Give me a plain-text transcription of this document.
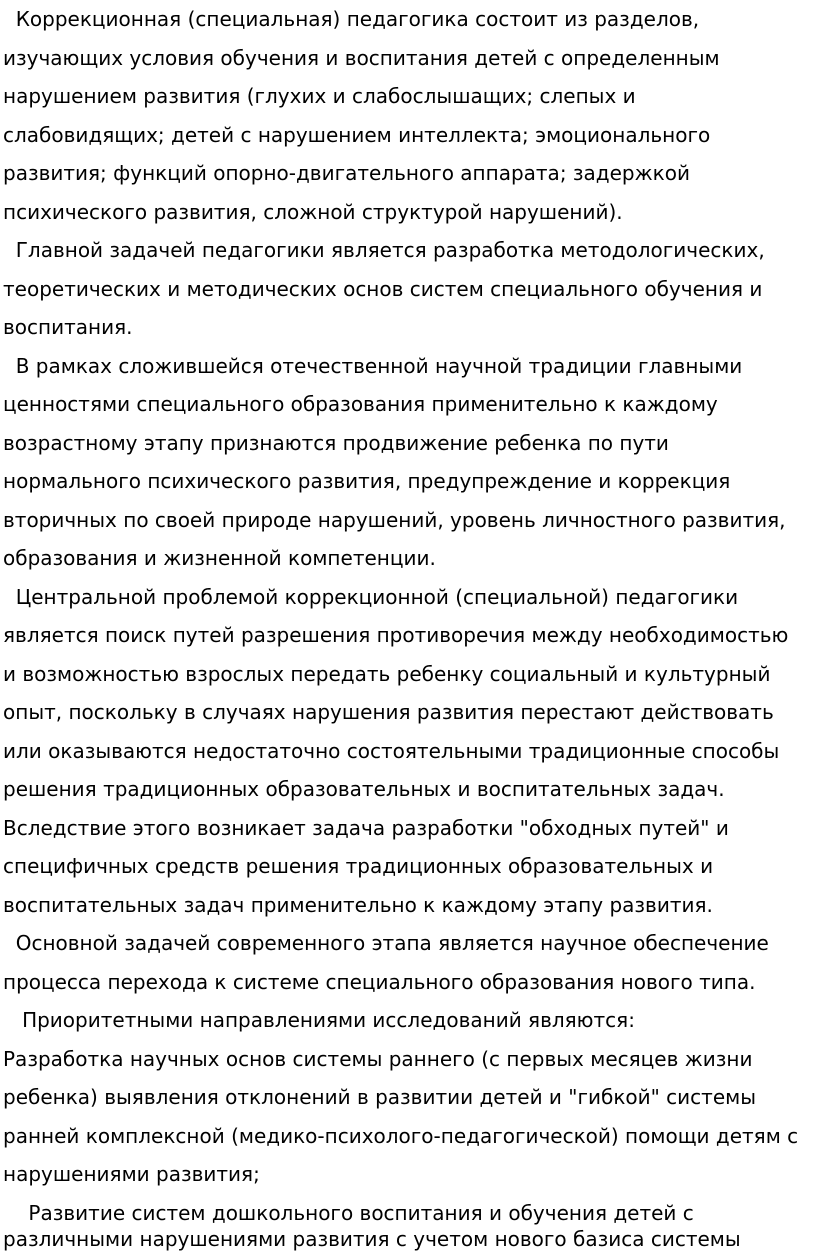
Коррекционная (специальная) педагогика состоит из разделов,
изучающих условия обучения и воспитания детей с определенным
нарушением развития (глухих и слабослышащих; слепых и
слабовидящих; детей с нарушением интеллекта; эмоционального
развития; функций опорно-двигательного аппарата; задержкой
психического развития, сложной структурой нарушений).
Главной задачей педагогики является разработка методологических,
теоретических и методических основ систем специального обучения и
воспитания.
В рамках сложившейся отечественной научной традиции главными
ценностями специального образования применительно к каждому
возрастному этапу признаются продвижение ребенка по пути
нормального психического развития, предупреждение и коррекция
вторичных по своей природе нарушений, уровень личностного развития,
образования и жизненной компетенции.
Центральной проблемой коррекционной (специальной) педагогики
является поиск путей разрешения противоречия между необходимостью
и возможностью взрослых передать ребенку социальный и культурный
опыт, поскольку в случаях нарушения развития перестают действовать
или оказываются недостаточно состоятельными традиционные способы
решения традиционных образовательных и воспитательных задач.
Вследствие этого возникает задача разработки "обходных путей" и
специфичных средств решения традиционных образовательных и
воспитательных задач применительно к каждому этапу развития.
Основной задачей современного этапа является научное обеспечение
процесса перехода к системе специального образования нового типа.
Приоритетными направлениями исследований являются:
Разработка научных основ системы раннего (с первых месяцев жизни
ребенка) выявления отклонений в развитии детей и "гибкой" системы
ранней комплексной (медико-психолого-педагогической) помощи детям с
нарушениями развития;
Развитие систем дошкольного воспитания и обучения детей с
различными нарушениями развития с учетом нового базиса системы
